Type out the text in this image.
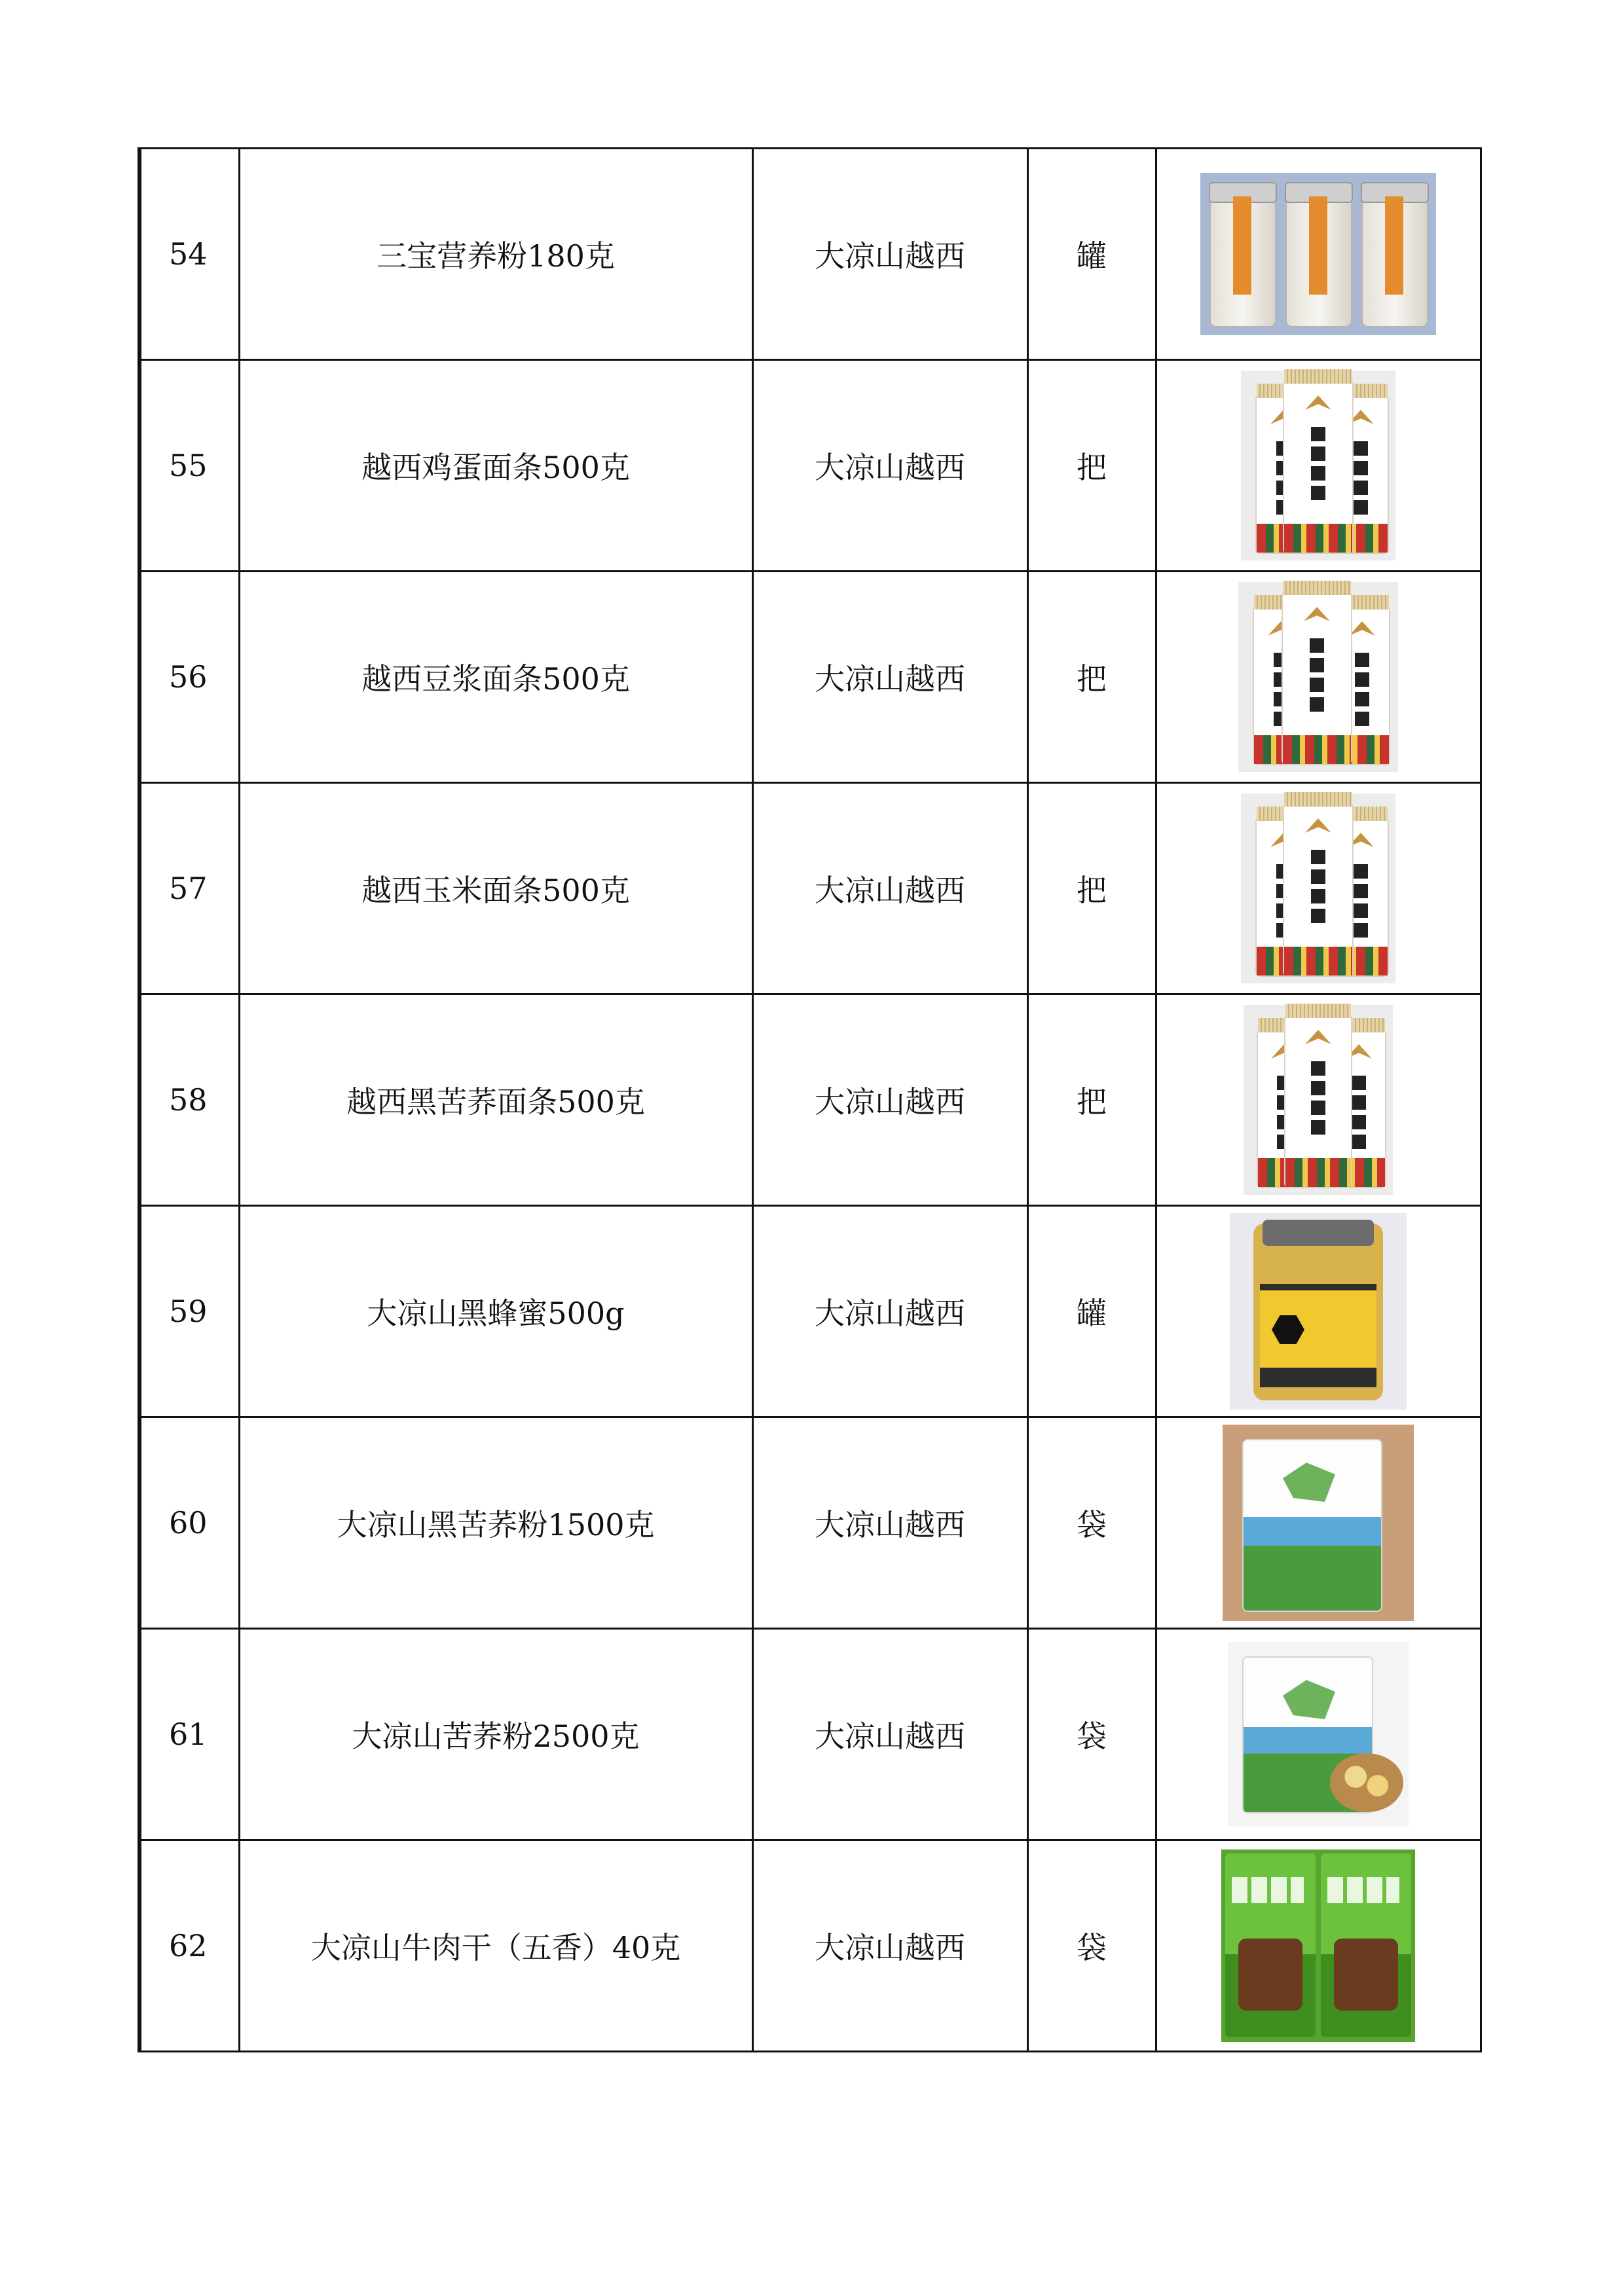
54	三宝营养粉180克	大凉山越西	罐	

55	越西鸡蛋面条500克	大凉山越西	把	

56	越西豆浆面条500克	大凉山越西	把	

57	越西玉米面条500克	大凉山越西	把	

58	越西黑苦荞面条500克	大凉山越西	把	

59	大凉山黑蜂蜜500g	大凉山越西	罐	

60	大凉山黑苦荞粉1500克	大凉山越西	袋	

61	大凉山苦荞粉2500克	大凉山越西	袋	

62	大凉山牛肉干（五香）40克	大凉山越西	袋	
